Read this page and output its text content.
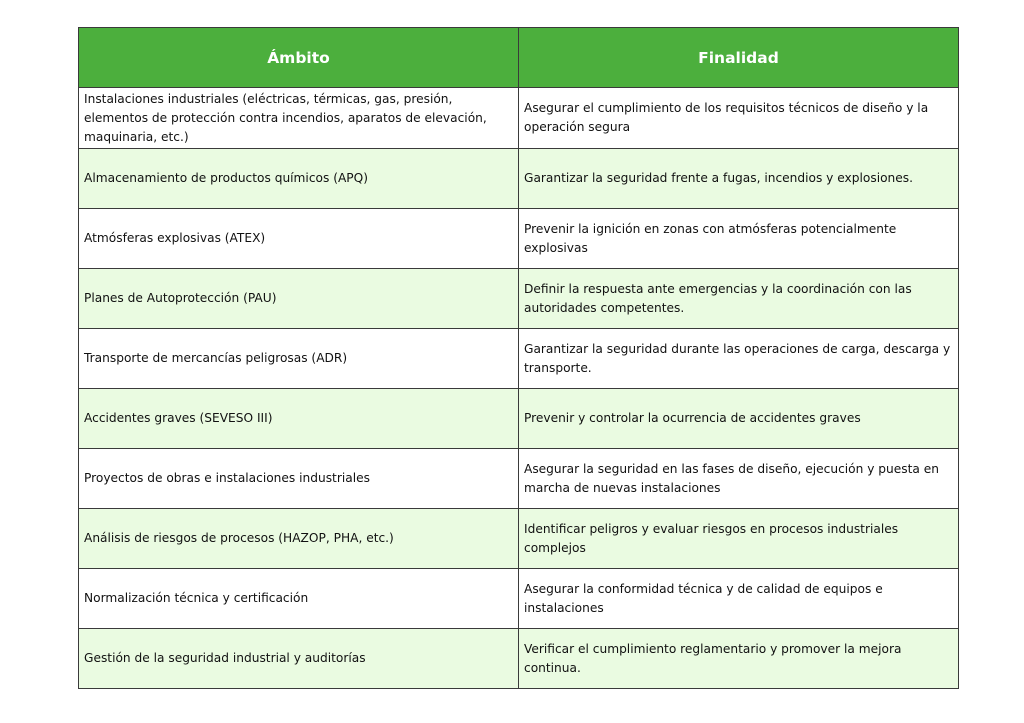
Ámbito	Finalidad
Instalaciones industriales (eléctricas, térmicas, gas, presión, elementos de protección contra incendios, aparatos de elevación, maquinaria, etc.)	Asegurar el cumplimiento de los requisitos técnicos de diseño y la operación segura
Almacenamiento de productos químicos (APQ)	Garantizar la seguridad frente a fugas, incendios y explosiones.
Atmósferas explosivas (ATEX)	Prevenir la ignición en zonas con atmósferas potencialmente explosivas
Planes de Autoprotección (PAU)	Definir la respuesta ante emergencias y la coordinación con las autoridades competentes.
Transporte de mercancías peligrosas (ADR)	Garantizar la seguridad durante las operaciones de carga, descarga y transporte.
Accidentes graves (SEVESO III)	Prevenir y controlar la ocurrencia de accidentes graves
Proyectos de obras e instalaciones industriales	Asegurar la seguridad en las fases de diseño, ejecución y puesta en marcha de nuevas instalaciones
Análisis de riesgos de procesos (HAZOP, PHA, etc.)	Identificar peligros y evaluar riesgos en procesos industriales complejos
Normalización técnica y certificación	Asegurar la conformidad técnica y de calidad de equipos e instalaciones
Gestión de la seguridad industrial y auditorías	Verificar el cumplimiento reglamentario y promover la mejora continua.
